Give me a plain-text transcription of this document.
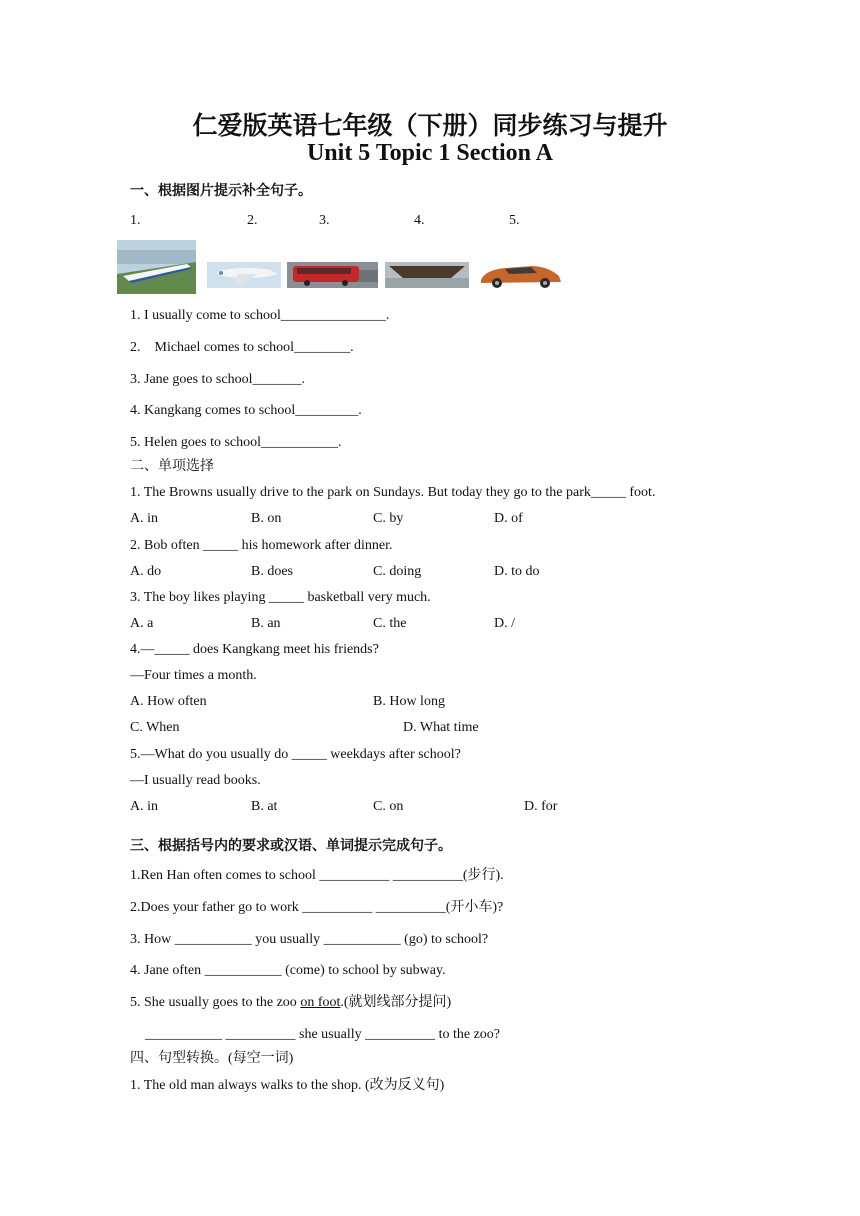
仁爱版英语七年级（下册）同步练习与提升
Unit 5 Topic 1 Section A
一、根据图片提示补全句子。
1.	2.	3.	4.	5.
1. I usually come to school_______________.
2.    Michael comes to school________.
3. Jane goes to school_______.
4. Kangkang comes to school_________.
5. Helen goes to school___________.
二、单项选择
1. The Browns usually drive to the park on Sundays. But today they go to the park_____ foot.
A. in	B. on	C. by	D. of
2. Bob often _____ his homework after dinner.
A. do	B. does	C. doing	D. to do
3. The boy likes playing _____ basketball very much.
A. a	B. an	C. the	D. /
4.—_____ does Kangkang meet his friends?
—Four times a month.
A. How often	B. How long
C. When	D. What time
5.—What do you usually do _____ weekdays after school?
—I usually read books.
A. in	B. at	C. on	D. for
三、根据括号内的要求或汉语、单词提示完成句子。
1.Ren Han often comes to school __________ __________(步行).
2.Does your father go to work __________ __________(开小车)?
3. How ___________ you usually ___________ (go) to school?
4. Jane often ___________ (come) to school by subway.
5. She usually goes to the zoo on foot.(就划线部分提问)
___________ __________ she usually __________ to the zoo?
四、句型转换。(每空一词)
1. The old man always walks to the shop. (改为反义句)
